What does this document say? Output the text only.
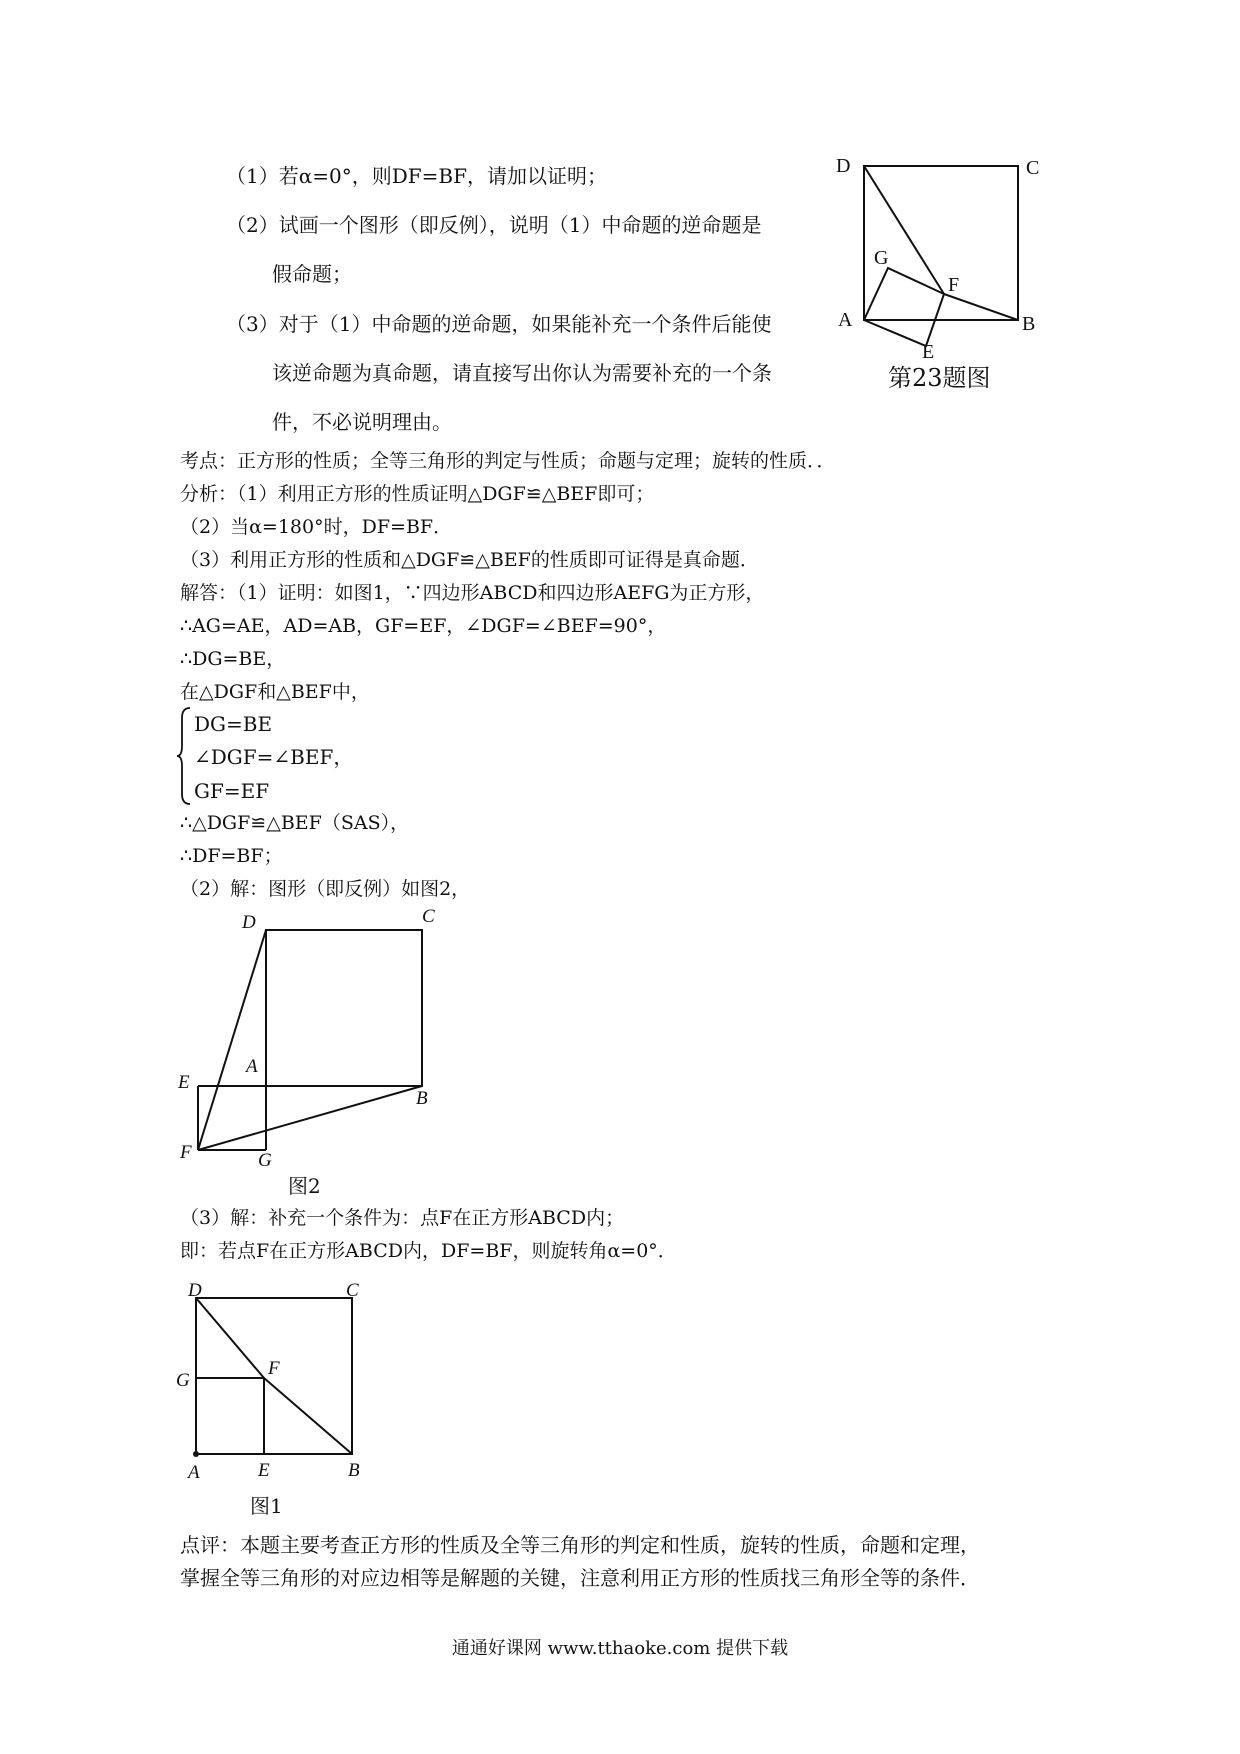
（1）若α=0°，则DF=BF，请加以证明；
（2）试画一个图形（即反例），说明（1）中命题的逆命题是
假命题；
（3）对于（1）中命题的逆命题，如果能补充一个条件后能使
该逆命题为真命题，请直接写出你认为需要补充的一个条
件，不必说明理由。
D	C
G
F
A	B
E
第23题图
考点：正方形的性质；全等三角形的判定与性质；命题与定理；旋转的性质．．
分析：（1）利用正方形的性质证明△DGF≌△BEF即可；
（2）当α=180°时，DF=BF．
（3）利用正方形的性质和△DGF≌△BEF的性质即可证得是真命题．
解答：（1）证明：如图1，∵四边形ABCD和四边形AEFG为正方形，
∴AG=AE，AD=AB，GF=EF，∠DGF=∠BEF=90°，
∴DG=BE，
在△DGF和△BEF中，
DG=BE
∠DGF=∠BEF，
GF=EF
∴△DGF≌△BEF（SAS），
∴DF=BF；
（2）解：图形（即反例）如图2，
D	C
A
E
B
F	G
图2
（3）解：补充一个条件为：点F在正方形ABCD内；
即：若点F在正方形ABCD内，DF=BF，则旋转角α=0°．
D	C
G
F
A	E	B
图1
点评：本题主要考查正方形的性质及全等三角形的判定和性质，旋转的性质，命题和定理，
掌握全等三角形的对应边相等是解题的关键，注意利用正方形的性质找三角形全等的条件．
通通好课网 www.tthaoke.com 提供下载
